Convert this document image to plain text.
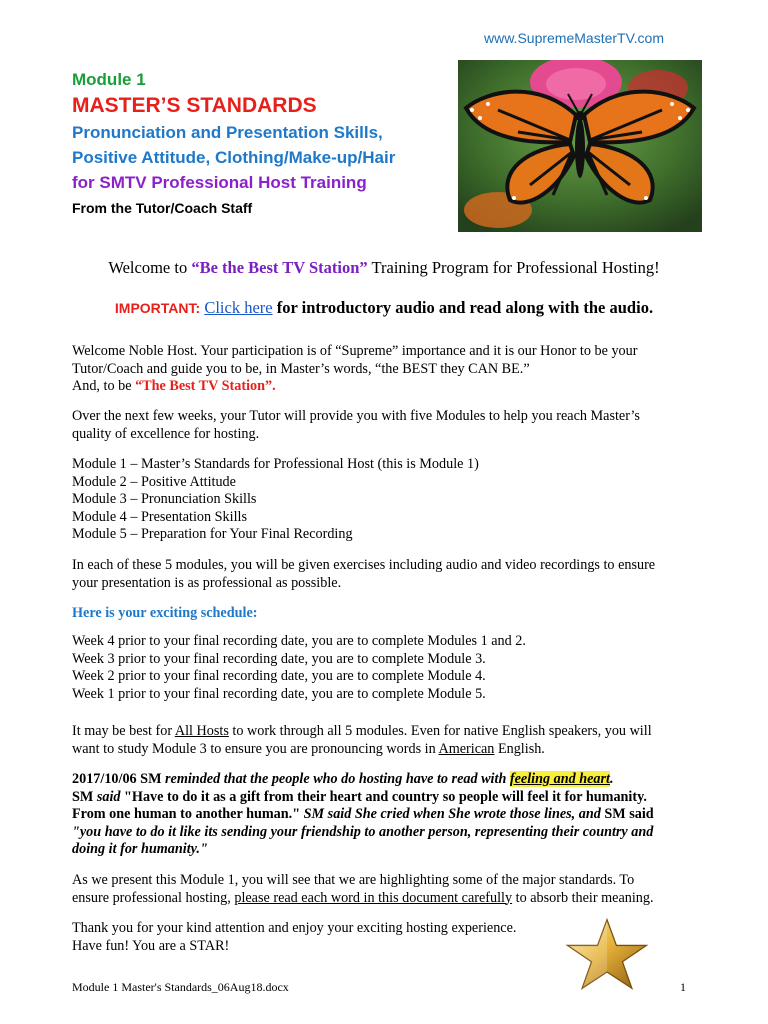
www.SupremeMasterTV.com
Module 1
MASTER’S STANDARDS
Pronunciation and Presentation Skills,
Positive Attitude, Clothing/Make-up/Hair
for SMTV Professional Host Training
From the Tutor/Coach Staff
Welcome to “Be the Best TV Station” Training Program for Professional Hosting!
IMPORTANT: Click here for introductory audio and read along with the audio.

Welcome Noble Host. Your participation is of “Supreme” importance and it is our Honor to be your
Tutor/Coach and guide you to be, in Master’s words, “the BEST they CAN BE.”
And, to be “The Best TV Station”.

Over the next few weeks, your Tutor will provide you with five Modules to help you reach Master’s
quality of excellence for hosting.

Module 1 – Master’s Standards for Professional Host (this is Module 1)
Module 2 – Positive Attitude
Module 3 – Pronunciation Skills
Module 4 – Presentation Skills
Module 5 – Preparation for Your Final Recording

In each of these 5 modules, you will be given exercises including audio and video recordings to ensure
your presentation is as professional as possible.

Here is your exciting schedule:

Week 4 prior to your final recording date, you are to complete Modules 1 and 2.
Week 3 prior to your final recording date, you are to complete Module 3.
Week 2 prior to your final recording date, you are to complete Module 4.
Week 1 prior to your final recording date, you are to complete Module 5.

It may be best for All Hosts to work through all 5 modules. Even for native English speakers, you will
want to study Module 3 to ensure you are pronouncing words in American English.

2017/10/06 SM reminded that the people who do hosting have to read with feeling and heart.
SM said "Have to do it as a gift from their heart and country so people will feel it for humanity.
From one human to another human." SM said She cried when She wrote those lines, and SM said
"you have to do it like its sending your friendship to another person, representing their country and
doing it for humanity."

As we present this Module 1, you will see that we are highlighting some of the major standards. To
ensure professional hosting, please read each word in this document carefully to absorb their meaning.

Thank you for your kind attention and enjoy your exciting hosting experience.
Have fun! You are a STAR!

Module 1 Master's Standards_06Aug18.docx	1
